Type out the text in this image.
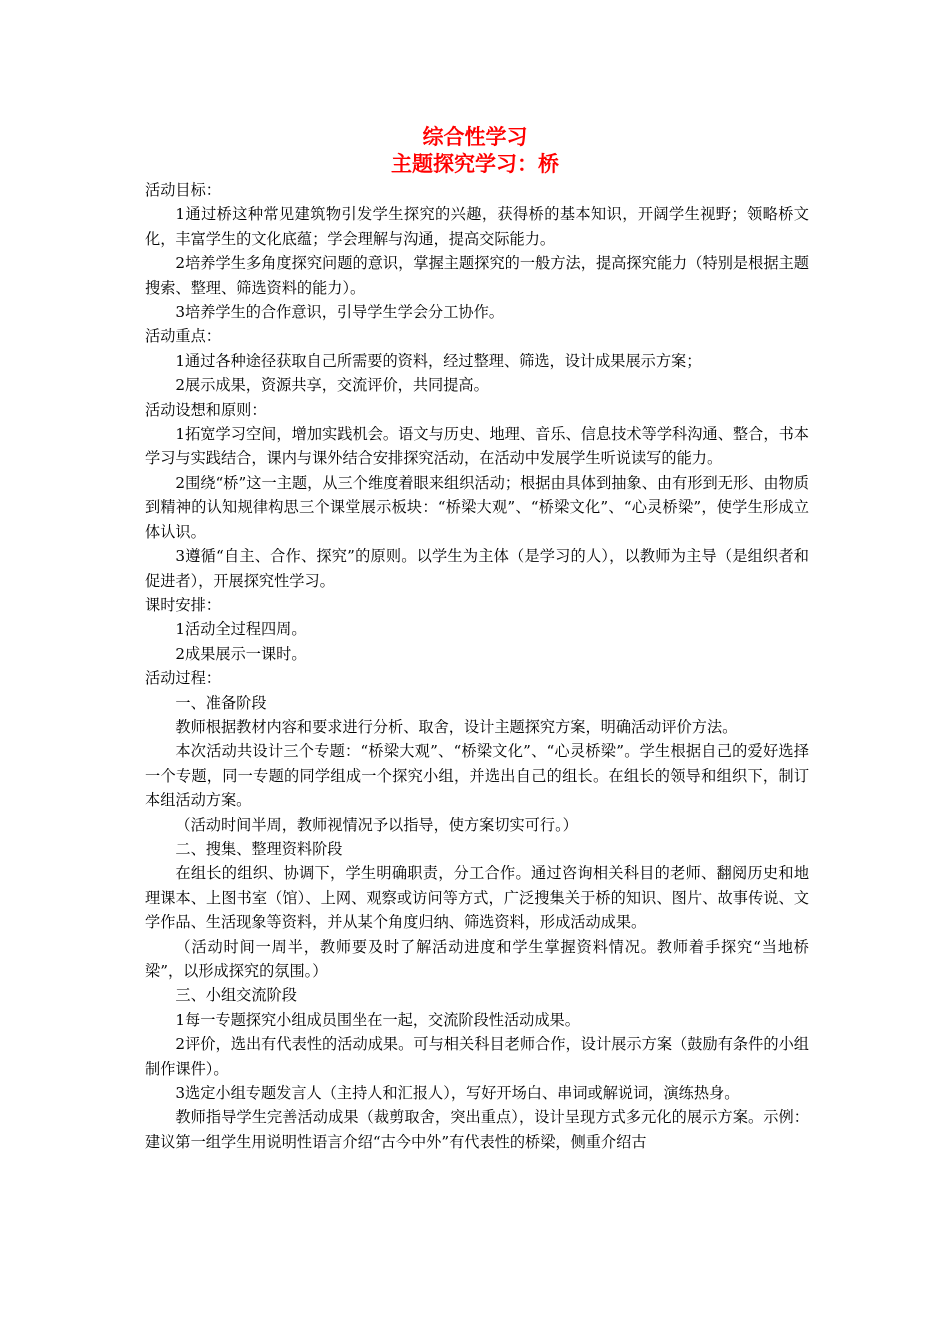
综合性学习
主题探究学习：桥

活动目标：

1通过桥这种常见建筑物引发学生探究的兴趣，获得桥的基本知识，开阔学生视野；领略桥文化，丰富学生的文化底蕴；学会理解与沟通，提高交际能力。

2培养学生多角度探究问题的意识，掌握主题探究的一般方法，提高探究能力（特别是根据主题搜索、整理、筛选资料的能力）。

3培养学生的合作意识，引导学生学会分工协作。

活动重点：

1通过各种途径获取自己所需要的资料，经过整理、筛选，设计成果展示方案；

2展示成果，资源共享，交流评价，共同提高。

活动设想和原则：

1拓宽学习空间，增加实践机会。语文与历史、地理、音乐、信息技术等学科沟通、整合，书本学习与实践结合，课内与课外结合安排探究活动，在活动中发展学生听说读写的能力。

2围绕“桥”这一主题，从三个维度着眼来组织活动；根据由具体到抽象、由有形到无形、由物质到精神的认知规律构思三个课堂展示板块：“桥梁大观”、“桥梁文化”、“心灵桥梁”，使学生形成立体认识。

3遵循“自主、合作、探究”的原则。以学生为主体（是学习的人），以教师为主导（是组织者和促进者），开展探究性学习。

课时安排：

1活动全过程四周。

2成果展示一课时。

活动过程：

一、准备阶段

教师根据教材内容和要求进行分析、取舍，设计主题探究方案，明确活动评价方法。

本次活动共设计三个专题：“桥梁大观”、“桥梁文化”、“心灵桥梁”。学生根据自己的爱好选择一个专题，同一专题的同学组成一个探究小组，并选出自己的组长。在组长的领导和组织下，制订本组活动方案。

（活动时间半周，教师视情况予以指导，使方案切实可行。）

二、搜集、整理资料阶段

在组长的组织、协调下，学生明确职责，分工合作。通过咨询相关科目的老师、翻阅历史和地理课本、上图书室（馆）、上网、观察或访问等方式，广泛搜集关于桥的知识、图片、故事传说、文学作品、生活现象等资料，并从某个角度归纳、筛选资料，形成活动成果。

（活动时间一周半，教师要及时了解活动进度和学生掌握资料情况。教师着手探究“当地桥梁”，以形成探究的氛围。）

三、小组交流阶段

1每一专题探究小组成员围坐在一起，交流阶段性活动成果。

2评价，选出有代表性的活动成果。可与相关科目老师合作，设计展示方案（鼓励有条件的小组制作课件）。

3选定小组专题发言人（主持人和汇报人），写好开场白、串词或解说词，演练热身。

教师指导学生完善活动成果（裁剪取舍，突出重点），设计呈现方式多元化的展示方案。示例：建议第一组学生用说明性语言介绍“古今中外”有代表性的桥梁，侧重介绍古
